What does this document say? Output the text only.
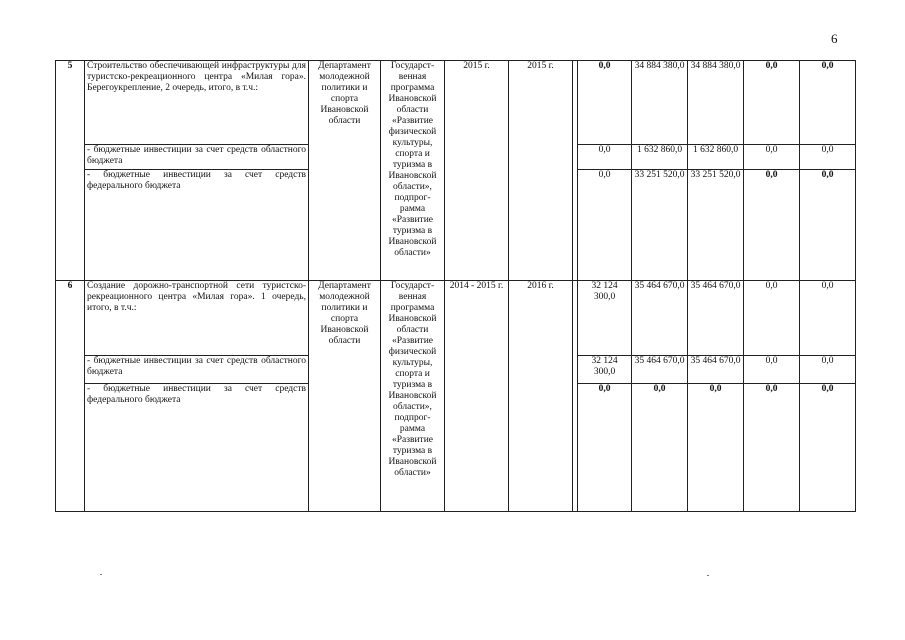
6
5	Строительство обеспечивающей инфраструктуры для туристско-рекреационного центра «Милая гора». Берегоукрепление, 2 очередь, итого, в т.ч.:	Департамент молодежной политики и спорта Ивановской области	Государст-венная программа Ивановской области «Развитие физической культуры, спорта и туризма в Ивановской области», подпрог-рамма «Развитие туризма в Ивановской области»	2015 г.	2015 г.		0,0	34 884 380,0	34 884 380,0	0,0	0,0
	- бюджетные инвестиции за счет средств областного бюджета						0,0	1 632 860,0	1 632 860,0	0,0	0,0
	- бюджетные инвестиции за счет средств федерального бюджета						0,0	33 251 520,0	33 251 520,0	0,0	0,0
6	Создание дорожно-транспортной сети туристско-рекреационного центра «Милая гора». 1 очередь, итого, в т.ч.:	Департамент молодежной политики и спорта Ивановской области	Государст-венная программа Ивановской области «Развитие физической культуры, спорта и туризма в Ивановской области», подпрог-рамма «Развитие туризма в Ивановской области»	2014 - 2015 г.	2016 г.		32 124 300,0	35 464 670,0	35 464 670,0	0,0	0,0
	- бюджетные инвестиции за счет средств областного бюджета						32 124 300,0	35 464 670,0	35 464 670,0	0,0	0,0
	- бюджетные инвестиции за счет средств федерального бюджета						0,0	0,0	0,0	0,0	0,0
